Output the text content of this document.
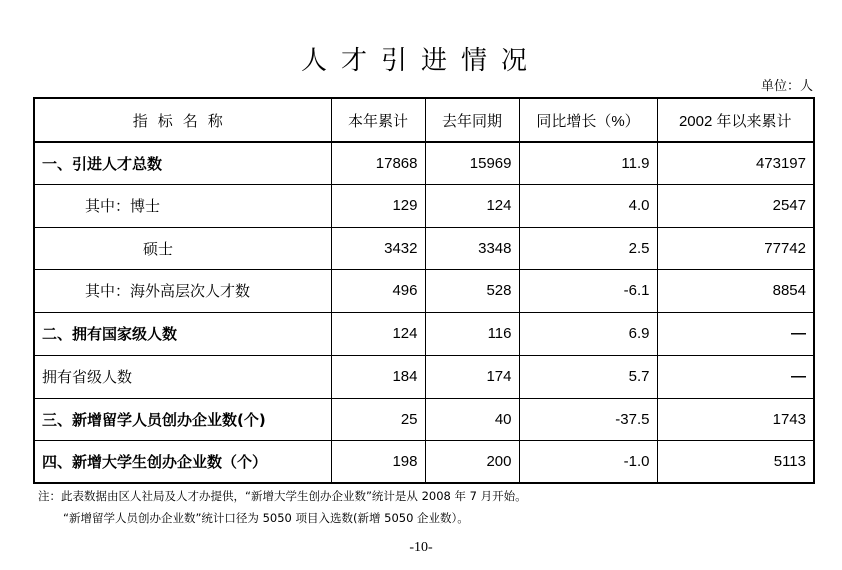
人才引进情况
单位：人
指标名称	本年累计	去年同期	同比增长（%）	2002 年以来累计
一、引进人才总数	17868	15969	11.9	473197
其中：博士	129	124	4.0	2547
硕士	3432	3348	2.5	77742
其中：海外高层次人才数	496	528	-6.1	8854
二、拥有国家级人数	124	116	6.9	—
拥有省级人数	184	174	5.7	—
三、新增留学人员创办企业数(个)	25	40	-37.5	1743
四、新增大学生创办企业数（个）	198	200	-1.0	5113
注：此表数据由区人社局及人才办提供，“新增大学生创办企业数”统计是从 2008 年 7 月开始。
“新增留学人员创办企业数”统计口径为 5050 项目入选数(新增 5050 企业数）。
-10-
